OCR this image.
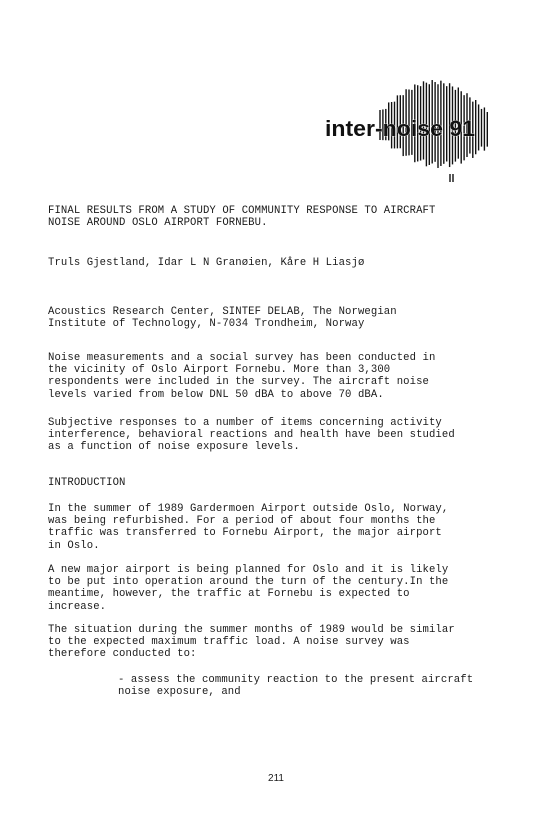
inter-noise 91
FINAL RESULTS FROM A STUDY OF COMMUNITY RESPONSE TO AIRCRAFT
NOISE AROUND OSLO AIRPORT FORNEBU.
Truls Gjestland, Idar L N Granøien, Kåre H Liasjø
Acoustics Research Center, SINTEF DELAB, The Norwegian
Institute of Technology, N-7034 Trondheim, Norway
Noise measurements and a social survey has been conducted in
the vicinity of Oslo Airport Fornebu. More than 3,300
respondents were included in the survey. The aircraft noise
levels varied from below DNL 50 dBA to above 70 dBA.
Subjective responses to a number of items concerning activity
interference, behavioral reactions and health have been studied
as a function of noise exposure levels.
INTRODUCTION
In the summer of 1989 Gardermoen Airport outside Oslo, Norway,
was being refurbished. For a period of about four months the
traffic was transferred to Fornebu Airport, the major airport
in Oslo.
A new major airport is being planned for Oslo and it is likely
to be put into operation around the turn of the century.In the
meantime, however, the traffic at Fornebu is expected to
increase.
The situation during the summer months of 1989 would be similar
to the expected maximum traffic load. A noise survey was
therefore conducted to:
- assess the community reaction to the present aircraft
noise exposure, and
211
